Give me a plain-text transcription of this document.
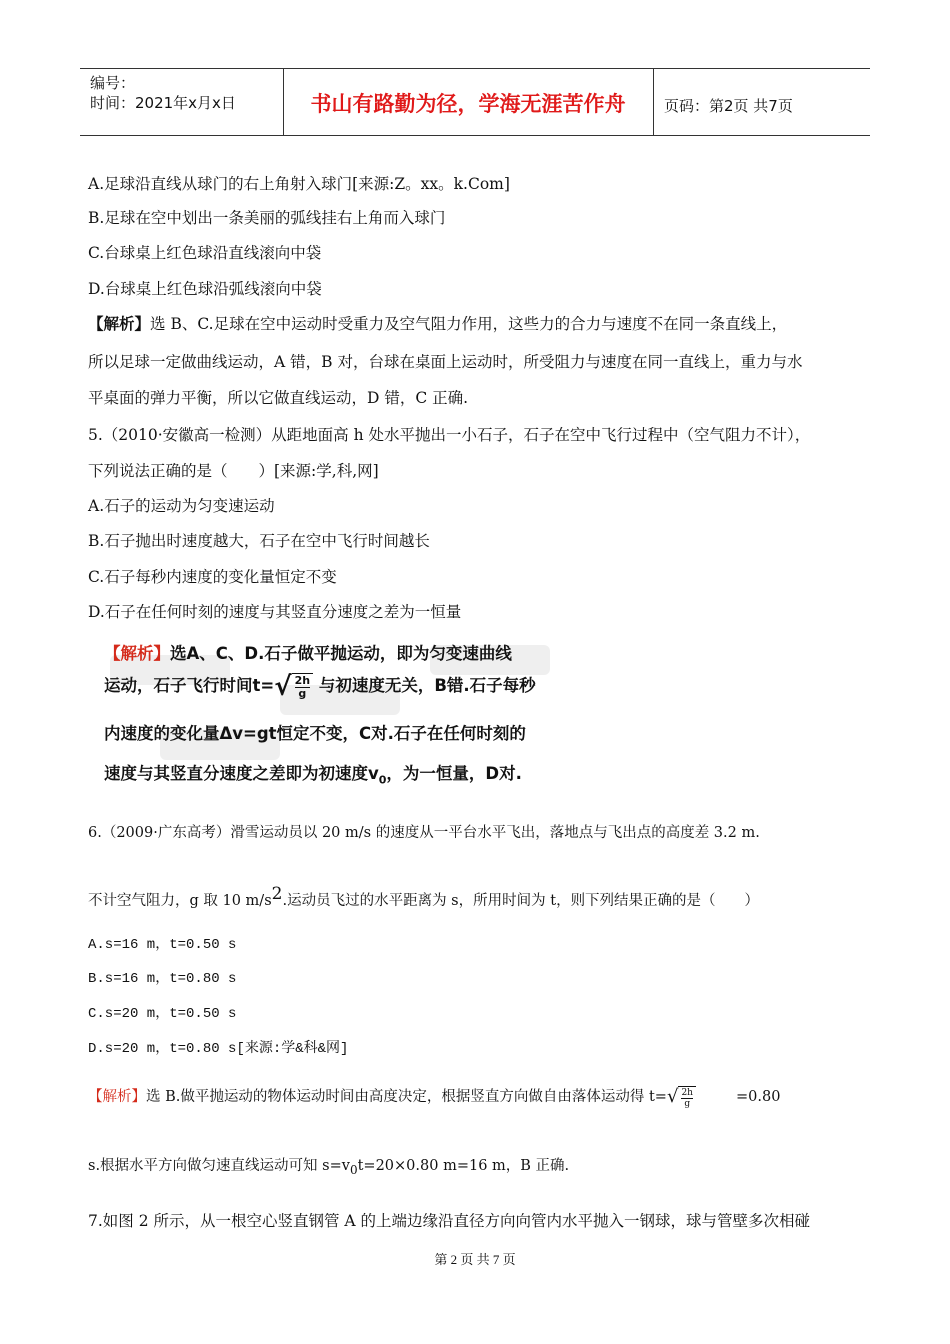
编号：
时间：2021年x月x日	书山有路勤为径，学海无涯苦作舟	页码：第2页 共7页
A.足球沿直线从球门的右上角射入球门[来源:Z。xx。k.Com]
B.足球在空中划出一条美丽的弧线挂右上角而入球门
C.台球桌上红色球沿直线滚向中袋
D.台球桌上红色球沿弧线滚向中袋
【解析】选 B、C.足球在空中运动时受重力及空气阻力作用，这些力的合力与速度不在同一条直线上，
所以足球一定做曲线运动，A 错，B 对，台球在桌面上运动时，所受阻力与速度在同一直线上，重力与水
平桌面的弹力平衡，所以它做直线运动，D 错，C 正确.
5.（2010·安徽高一检测）从距地面高 h 处水平抛出一小石子，石子在空中飞行过程中（空气阻力不计），
下列说法正确的是（　　）[来源:学,科,网]
A.石子的运动为匀变速运动
B.石子抛出时速度越大，石子在空中飞行时间越长
C.石子每秒内速度的变化量恒定不变
D.石子在任何时刻的速度与其竖直分速度之差为一恒量
【解析】选A、C、D.石子做平抛运动，即为匀变速曲线
运动，石子飞行时间$t=√ \frac{2h}{g}$ 与初速度无关，B错.石子每秒
内速度的变化量Δv=gt恒定不变，C对.石子在任何时刻的
速度与其竖直分速度之差即为初速度$v_0$，为一恒量，D对.
6.（2009·广东高考）滑雪运动员以 20 m/s 的速度从一平台水平飞出，落地点与飞出点的高度差 3.2 m.
不计空气阻力，g 取 10 $m/s^2$.运动员飞过的水平距离为 s，所用时间为 t，则下列结果正确的是（　　）
A.s=16 m，t=0.50 s
B.s=16 m，t=0.80 s
C.s=20 m，t=0.50 s
D.s=20 m，t=0.80 s[来源:学&科&网]
【解析】选 B.做平抛运动的物体运动时间由高度决定，根据竖直方向做自由落体运动得 $t=√ \frac{2h}{g}$	=0.80
s.根据水平方向做匀速直线运动可知 $s=v_0t=20\times 0.80$ m=16 m，B 正确.
7.如图 2 所示，从一根空心竖直钢管 A 的上端边缘沿直径方向向管内水平抛入一钢球，球与管壁多次相碰
第 2 页 共 7 页
